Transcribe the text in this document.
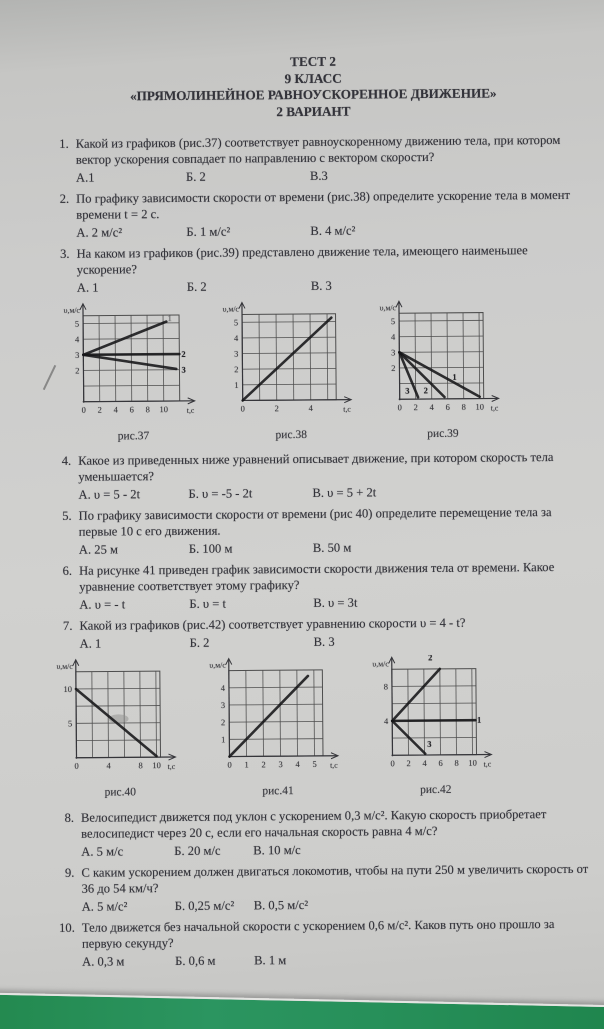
ТЕСТ 2
9 КЛАСС
«ПРЯМОЛИНЕЙНОЕ РАВНОУСКОРЕННОЕ ДВИЖЕНИЕ»
2 ВАРИАНТ
1. Какой из графиков (рис.37) соответствует равноускоренному движению тела, при котором вектор ускорения совпадает по направлению с вектором скорости?
А.1	Б. 2	В.3
2. По графику зависимости скорости от времени (рис.38) определите ускорение тела в момент времени t = 2 с.
А. 2 м/с²	Б. 1 м/с²	В. 4 м/с²
3. На каком из графиков (рис.39) представлено движение тела, имеющего наименьшее ускорение?
А. 1	Б. 2	В. 3
0 2 4 6 8 10
2
3
4
5
υ,м/с
t,с
1
2
3
рис.37
0	2	4
1
2
3
4
5
υ,м/с
t,с
рис.38
0 2 4 6 8 10
2
3
4
5
υ,м/с
t,с
1
2
3
рис.39
4. Какое из приведенных ниже уравнений описывает движение, при котором скорость тела уменьшается?
А. υ = 5 - 2t	Б. υ = -5 - 2t	В. υ = 5 + 2t
5. По графику зависимости скорости от времени (рис 40) определите перемещение тела за первые 10 с его движения.
А. 25 м	Б. 100 м	В. 50 м
6. На рисунке 41 приведен график зависимости скорости движения тела от времени. Какое уравнение соответствует этому графику?
А. υ = - t	Б. υ = t	В. υ = 3t
7. Какой из графиков (рис.42) соответствует уравнению скорости υ = 4 - t?
А. 1	Б. 2	В. 3
0	4	8 10
5
10
υ,м/с
t,с
рис.40
0 1 2 3 4 5
1
2
3
4
υ,м/с
t,с
рис.41
0 2 4 6 8 10
4
8
υ,м/с
t,с
2
1
3
рис.42
8. Велосипедист движется под уклон с ускорением 0,3 м/с². Какую скорость приобретает велосипедист через 20 с, если его начальная скорость равна 4 м/с?
А. 5 м/с	Б. 20 м/с	В. 10 м/с
9. С каким ускорением должен двигаться локомотив, чтобы на пути 250 м увеличить скорость от 36 до 54 км/ч?
А. 5 м/с²	Б. 0,25 м/с²	В. 0,5 м/с²
10. Тело движется без начальной скорости с ускорением 0,6 м/с². Каков путь оно прошло за первую секунду?
А. 0,3 м	Б. 0,6 м	В. 1 м
